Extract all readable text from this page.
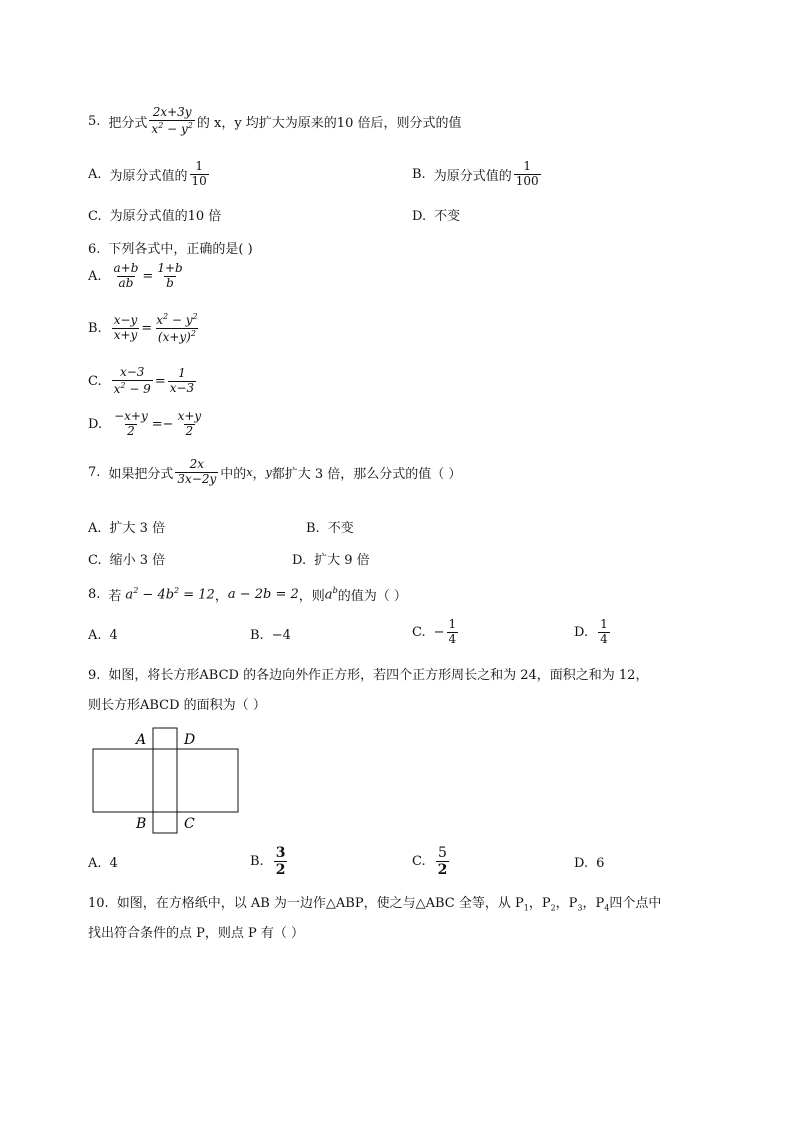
5. 把分式 $\frac{2x+3y}{x^2 - y^2}$ 的 x，y 均扩大为原来的10 倍后，则分式的值
A. 为原分式值的 $\frac{1}{10}$	B. 为原分式值的 $\frac{1}{100}$
C. 为原分式值的10 倍	D. 不变
6. 下列各式中，正确的是( )
A. $\frac{a+b}{ab} = \frac{1+b}{b}$
B. $\frac{x-y}{x+y} = \frac{x^2 - y^2}{(x+y)^2}$
C. $\frac{x-3}{x^2 - 9} = \frac{1}{x-3}$
D. $\frac{-x+y}{2}$ = − $\frac{x+y}{2}$
7. 如果把分式 $\frac{2x}{3x-2y}$ 中的 x ， y 都扩大 3 倍，那么分式的值（ ）
A. 扩大 3 倍	B. 不变
C. 缩小 3 倍	D. 扩大 9 倍
8. 若 $a^2 - 4b^2 = 12$ ， a − 2b = 2 ，则 $a^b$ 的值为（ ）
A. 4	B. −4	C. − $\frac{1}{4}$	D. $\frac{1}{4}$
9. 如图，将长方形ABCD 的各边向外作正方形，若四个正方形周长之和为 24，面积之和为 12，
则长方形ABCD 的面积为（ ）
A	D
B	C
A. 4	B. $\frac{3}{2}$	C. $\frac{5}{2}$	D. 6
10. 如图，在方格纸中，以 AB 为一边作△ABP，使之与△ABC 全等，从 $P_1$，$P_2$，$P_3$，$P_4$四个点中
找出符合条件的点 P，则点 P 有（ ）
